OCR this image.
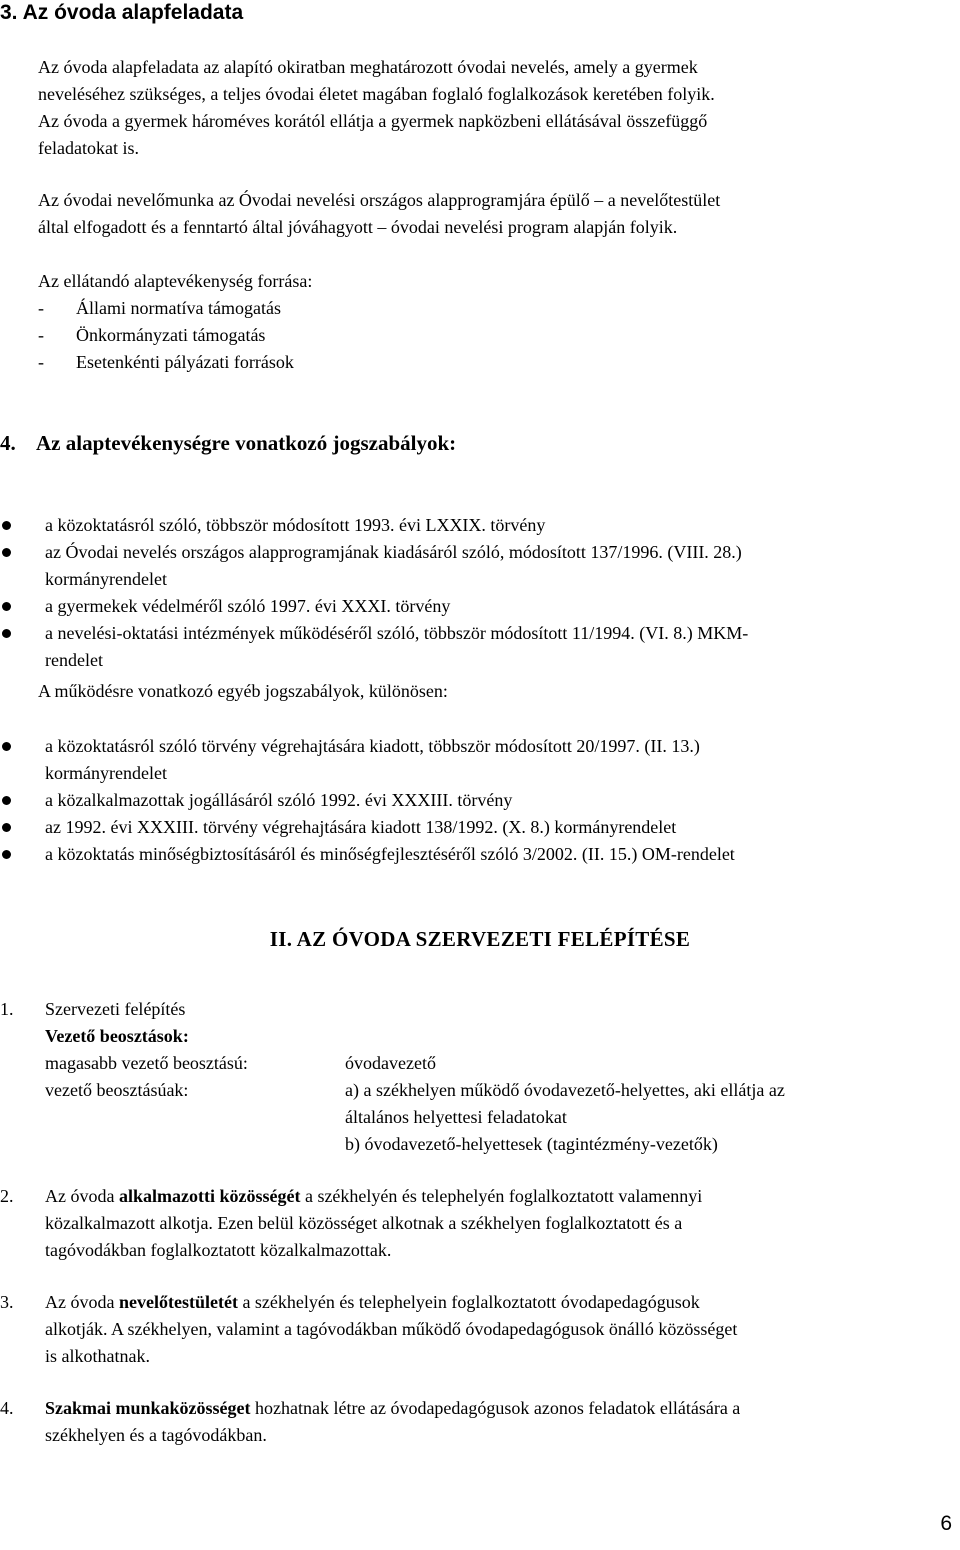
3. Az óvoda alapfeladata
Az óvoda alapfeladata az alapító okiratban meghatározott óvodai nevelés, amely a gyermek
neveléséhez szükséges, a teljes óvodai életet magában foglaló foglalkozások keretében folyik.
Az óvoda a gyermek hároméves korától ellátja a gyermek napközbeni ellátásával összefüggő
feladatokat is.
Az óvodai nevelőmunka az Óvodai nevelési országos alapprogramjára épülő – a nevelőtestület
által elfogadott és a fenntartó által jóváhagyott – óvodai nevelési program alapján folyik.
Az ellátandó alaptevékenység forrása:
-	Állami normatíva támogatás
-	Önkormányzati támogatás
-	Esetenkénti pályázati források
4. Az alaptevékenységre vonatkozó jogszabályok:
a közoktatásról szóló, többször módosított 1993. évi LXXIX. törvény
az Óvodai nevelés országos alapprogramjának kiadásáról szóló, módosított 137/1996. (VIII. 28.)
kormányrendelet
a gyermekek védelméről szóló 1997. évi XXXI. törvény
a nevelési-oktatási intézmények működéséről szóló, többször módosított 11/1994. (VI. 8.) MKM-
rendelet
A működésre vonatkozó egyéb jogszabályok, különösen:
a közoktatásról szóló törvény végrehajtására kiadott, többször módosított 20/1997. (II. 13.)
kormányrendelet
a közalkalmazottak jogállásáról szóló 1992. évi XXXIII. törvény
az 1992. évi XXXIII. törvény végrehajtására kiadott 138/1992. (X. 8.) kormányrendelet
a közoktatás minőségbiztosításáról és minőségfejlesztéséről szóló 3/2002. (II. 15.) OM-rendelet
II. AZ ÓVODA SZERVEZETI FELÉPÍTÉSE
1. Szervezeti felépítés
Vezető beosztások:
magasabb vezető beosztású:	óvodavezető
vezető beosztásúak:	a) a székhelyen működő óvodavezető-helyettes, aki ellátja az
általános helyettesi feladatokat
b) óvodavezető-helyettesek (tagintézmény-vezetők)
2. Az óvoda alkalmazotti közösségét a székhelyén és telephelyén foglalkoztatott valamennyi
közalkalmazott alkotja. Ezen belül közösséget alkotnak a székhelyen foglalkoztatott és a
tagóvodákban foglalkoztatott közalkalmazottak.
3. Az óvoda nevelőtestületét a székhelyén és telephelyein foglalkoztatott óvodapedagógusok
alkotják. A székhelyen, valamint a tagóvodákban működő óvodapedagógusok önálló közösséget
is alkothatnak.
4. Szakmai munkaközösséget hozhatnak létre az óvodapedagógusok azonos feladatok ellátására a
székhelyen és a tagóvodákban.
6
